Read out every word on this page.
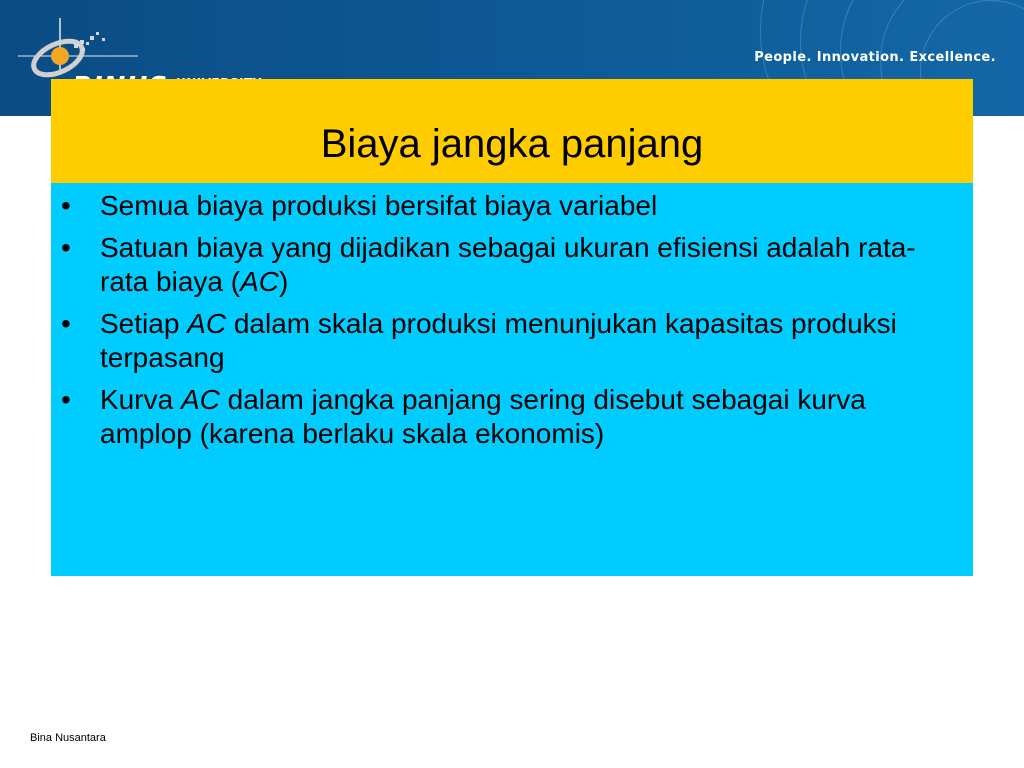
People. Innovation. Excellence.
Biaya jangka panjang
• Semua biaya produksi bersifat biaya variabel
• Satuan biaya yang dijadikan sebagai ukuran efisiensi adalah rata-rata biaya (AC)
• Setiap AC dalam skala produksi menunjukan kapasitas produksi terpasang
• Kurva AC dalam jangka panjang sering disebut sebagai kurva amplop (karena berlaku skala ekonomis)
Bina Nusantara
